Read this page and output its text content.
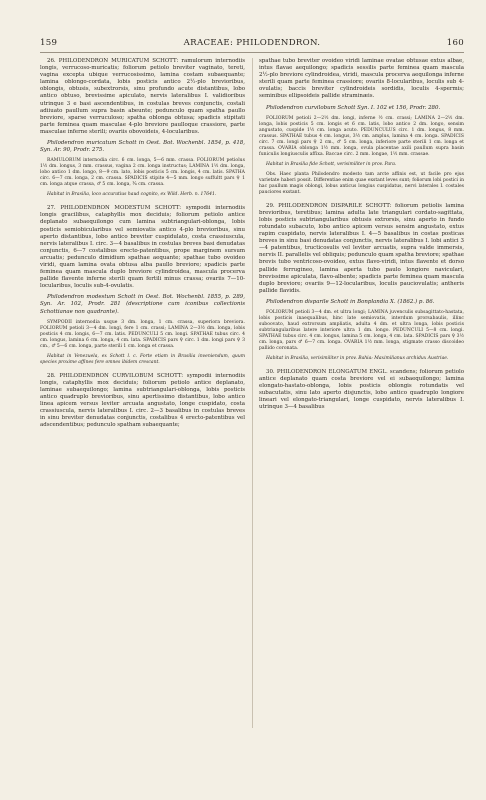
159	ARACEAE: PHILODENDRON.	160

26. PHILODENDRON MURICATUM SCHOTT: ramulorum internodiis longis, verrucoso-muricatis; foliorum petiolo breviter vaginato, tereti, vagina excepta ubique verrucosissimo, lamina costam subaequante; lamina oblongo-cordata, lobis posticis antico 2½-plo brevioribus, oblongis, obtusis, subextrorsis, sinu profundo acute distantibus, lobo antico obtuso, brevissime apiculato, nervis lateralibus I. validioribus utrinque 3 e basi ascendentibus, in costulas breves conjunctis, costali adiiuato paullum supra basin abeunte; pedunculo quam spatha paullo breviore, sparse verruculoso; spatha oblonga obtusa; spadicis stipitati parte feminea quam masculae 4-plo breviore paulloque crassiore, parte masculae inferne sterili; ovariis obovoideis, 4-locularibus.

Philodendron muricatum Schott in Oest. Bot. Wochenbl. 1854, p. 418, Syn. Ar. 90, Prodr. 275.

RAMULORUM internodia circ. 6 cm. longa, 5—6 mm. crassa. FOLIORUM petiolus 1½ dm. longus, 3 mm. crassus, vagina 2 cm. longa instructus; LAMINA 1½ dm. longa, lobo antico 1 dm. longo, 8—9 cm. lato, lobis posticis 5 cm. longis, 4 cm. latis. SPATHA circ. 6—7 cm. longa, 2 cm. crassa. SPADICIS stipite 4—5 mm. longo suffultt pars ♀ 1 cm. longa atque crassa, ♂ 5 cm. longa, ¾ cm. crassa.

Habitat in Brasilia, loco accuratius haud cognito, ex Wild. Herb. n. 17641.

27. PHILODENDRON MODESTUM SCHOTT: sympodii internodiis longis gracilibus, cataphyllis mox deciduis; foliorum petiolo antice deplanato subaequilongo cum lamina subtriangulari-oblonga, lobis posticis semiobicularibus vel semiovatis antico 4-plo brevioribus, sinu aperto distantibus, lobo antico breviter cuspidulato, costa crassiuscula, nervis lateralibus I. circ. 3—4 basalibus in costulas breves basi denudatas conjunctis, 6—7 costalibus erecto-patentibus, prope marginem sursum arcuatis; pedunculo dimidium spathae aequante; spathae tubo ovoideo viridi, quam lamina ovata obtusa alba paullo breviore; spadicis parte feminea quam mascula duplo breviore cylindroidea, mascula procerva pallide flavente inferne sterili quam fertili minus crassa; ovariis 7—10-locularibus, loculis sub-4-ovulatis.

Philodendron modestum Schott in Oest. Bot. Wochenbl. 1855, p. 289, Syn. Ar. 102, Prodr. 281 (descriptione cum iconibus collectionis Schottianae non quadrante).

SYMPODII internodia usque 3 dm. longa, 1 cm. crassa, superiora breviora. FOLIORUM petioli 3—4 dm. longi, fere 1 cm. crassi; LAMINA 2—3½ dm. longa, lobis posticis 4 cm. longis, 6—7 cm. latis. PEDUNCULI 5 cm. longi. SPATHAE tubus circ. 4 cm. longus, lamina 6 cm. longa, 4 cm. lata. SPADICIS pars ♀ circ. 1 dm. longi pars ♀ 3 cm., ♂ 5—6 cm. longa, parte sterili 1 cm. longa et crassa.

Habitat in Venezuela, ex Schott l. c. Forte etiam in Brasilia inveniendum, quum species proxime affines fere omnes ibidem crescant.

28. PHILODENDRON CURVILOBUM SCHOTT: sympodii internodiis longis, cataphyllis mox deciduis; foliorum petiolo antice deplanato, laminae subaequilongo; lamina subtriangulari-oblonga, lobis posticis antico quadruplo brevioribus, sinu apertissimo distantibus, lobo antico linea apicem versus leviter arcuata angustato, longe cuspidato, costa crassiuscula, nervis lateralibus I. circ. 2—3 basalibus in costulas breves in sinu breviter denudatas conjunctis, costalibus 4 erecto-patentibus vel adscendentibus; pedunculo spatham subaequante;

spathae tubo breviter ovoideo viridi laminae ovatae obtusae extus albae, intus flavae aequilongo; spadicis sessilis parte feminea quam mascula 2½-plo breviore cylindroidea, viridi, mascula procerva aequilonga inferne sterili quam parte feminea crassiore; ovariis 8-locularibus, loculis sub 4-ovulatis; baccis breviter cylindroideis sordidis, loculis 4-spermis; seminibus ellipsoideis pallide straminæis.

Philodendron curvilobum Schott Syn. I. 102 et 156, Prodr. 280.

FOLIORUM petioli 2—2½ dm. longi, inferne ½ cm. crassi; LAMINA 2—2½ dm. longa, lobis posticis 5 cm. longis et 6 cm. latis, lobo antico 2 dm. longo, sensim angustato, cuspide 1½ cm. longa acuto. PEDUNCULUS circ. 1 dm. longus, 8 mm. crassus. SPATHAE tubus 4 cm. longus, 3½ cm. amplus, lamina 4 cm. longa. SPADICIS circ. 7 cm. longi pars ♀ 2 cm., ♂ 5 cm. longa, inferiore parte sterili 1 cm. longa et crassa. OVARIA oblonga 1½ mm. longa, ovula placentae axili paullum supra basin funiculis longiusculis affixa. Baccae circ. 2 mm. longae, 1½ mm. crassae.

Habitat in Brasilia fide Schott, verisimiliter in prov. Para.

Obs. Haec planta Philodendro modesto tam arcte affinis est, ut facile pro ejus varietate haberi possit. Differentiae enim quae exstant leves sunt; foliorum lobi postici in hac paullum magis oblongi, lobus anticus longius cuspidatus, nervi laterales I. costales pauciores exstant.

29. PHILODENDRON DISPARILE SCHOTT: foliorum petiolis lamina brevioribus, teretibus; lamina adulta late triangulari cordato-sagittata, lobis posticis subtriangularibus obtusis extrorsis, sinu aperto in fundo rotundato subacuto, lobo antico apicem versus sensim angustato, extus rapim cuspidato, nervis lateralibus I. 4—5 basalibus in costas posticas breves in sinu basi denudatas conjunctis, nervis lateralibus I. lobi antici 3—4 patentibus, tructicosulis vel leviter arcuatis, supra valde immersis, nervis II. parallelis vel obliquis; pedunculo quam spatha breviore; spathae brevis tubo ventricoso-ovoideo, extus flavo-viridi, intus flavente et dorso pallide ferrugineo, lamina aperta tubo paulo longiore naviculari, brevissime apiculata, flavo-albente; spadicis parte feminea quam mascula duplo breviore; ovariis 9—12-locularibus, loculis pauciovulatis; antheris pallide flavidis.

Philodendron disparile Schott in Bonplandia X. (1862.) p. 86.

FOLIORUM petioli 3—4 dm. et ultra longi; LAMINA juvenculis subsagittato-hastata, lobis posticis inaequalibus, hinc late semiovatis, interdum prorsabaulis, illinc suboovato, haud extrorsum ampliatis, adulta 4 dm. et ultra longa, lobis posticis subtriangularibus latere interiore ultra 1 dm. longo. PEDUNCULI 5—8 cm. longi. SPATHAE tubus circ. 4 cm. longus, lamina 5 cm. longa, 4 cm. lata. SPADICIS pars ♀ 3½ cm. longa, pars ♂ 6—7 cm. longa. OVARIA 1½ mm. longa, stigmate crasso discoideo pallido coronata.

Habitat in Brasilia, verisimiliter in prov. Bahia: Maximilianus archidux Austriae.

30. PHILODENDRON ELONGATUM ENGL. scandens; foliorum petiolo antice deplanato quam costa breviore vel ei subaequilongo; lamina elongato-hastato-oblonga, lobis posticis oblongis rotundatis vel subacutatis, sinu lato aperto disjunctis, lobo antico quadruplo longiore lineari vel elongato-triangulari, longe cuspidato, nervis lateralibus I. utrinque 3—4 basalibus
